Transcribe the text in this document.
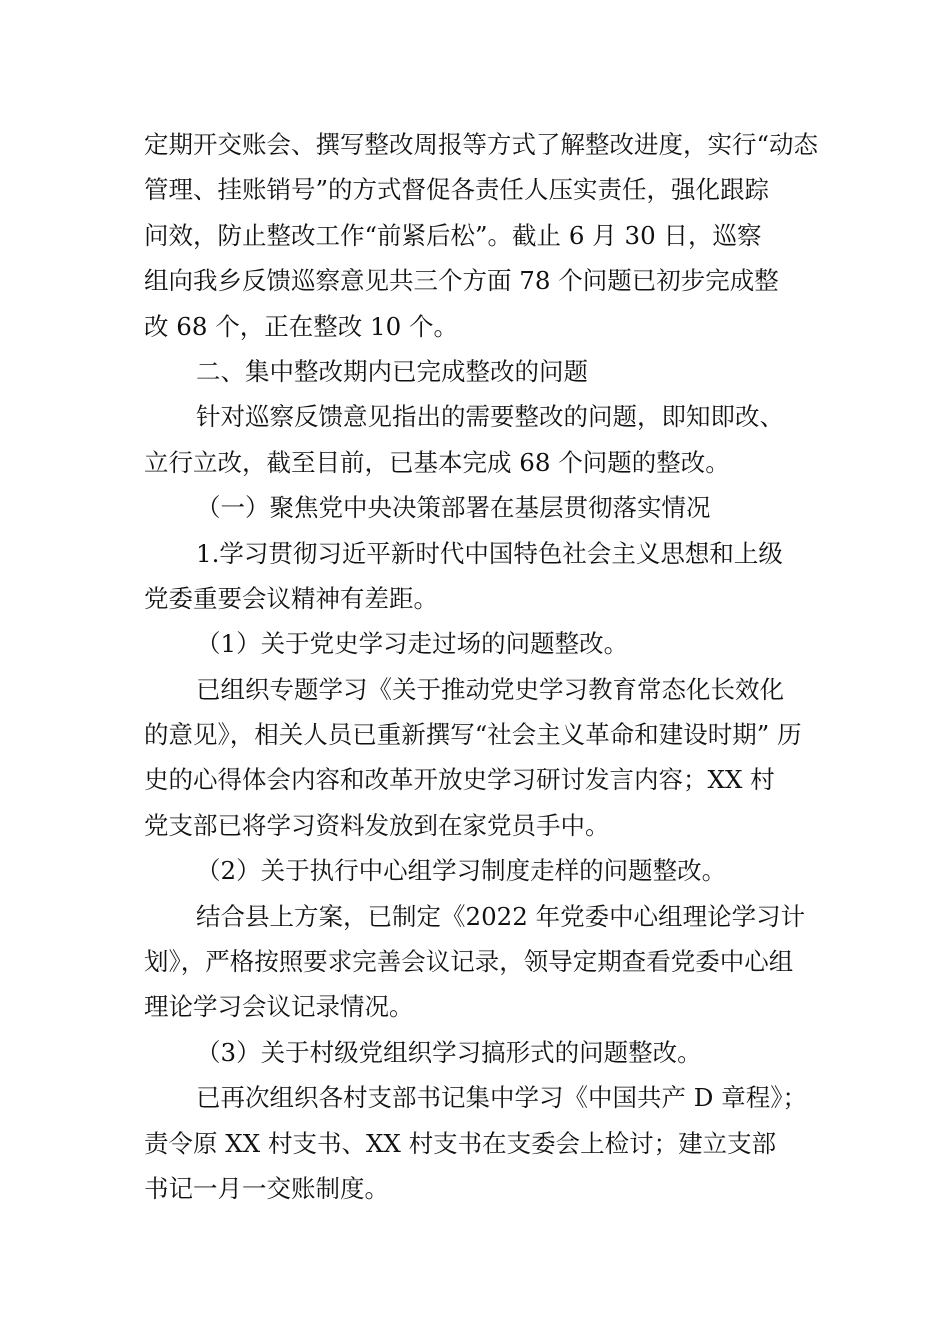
定期开交账会、撰写整改周报等方式了解整改进度，实行“动态
管理、挂账销号”的方式督促各责任人压实责任，强化跟踪
问效，防止整改工作“前紧后松”。截止 6 月 30 日，巡察
组向我乡反馈巡察意见共三个方面 78 个问题已初步完成整
改 68 个，正在整改 10 个。
二、集中整改期内已完成整改的问题
针对巡察反馈意见指出的需要整改的问题，即知即改、
立行立改，截至目前，已基本完成 68 个问题的整改。
（一）聚焦党中央决策部署在基层贯彻落实情况
1.学习贯彻习近平新时代中国特色社会主义思想和上级
党委重要会议精神有差距。
（1）关于党史学习走过场的问题整改。
已组织专题学习《关于推动党史学习教育常态化长效化
的意见》，相关人员已重新撰写“社会主义革命和建设时期” 历
史的心得体会内容和改革开放史学习研讨发言内容；XX 村
党支部已将学习资料发放到在家党员手中。
（2）关于执行中心组学习制度走样的问题整改。
结合县上方案，已制定《2022 年党委中心组理论学习计
划》，严格按照要求完善会议记录，领导定期查看党委中心组
理论学习会议记录情况。
（3）关于村级党组织学习搞形式的问题整改。
已再次组织各村支部书记集中学习《中国共产 D 章程》；
责令原 XX 村支书、XX 村支书在支委会上检讨；建立支部
书记一月一交账制度。
